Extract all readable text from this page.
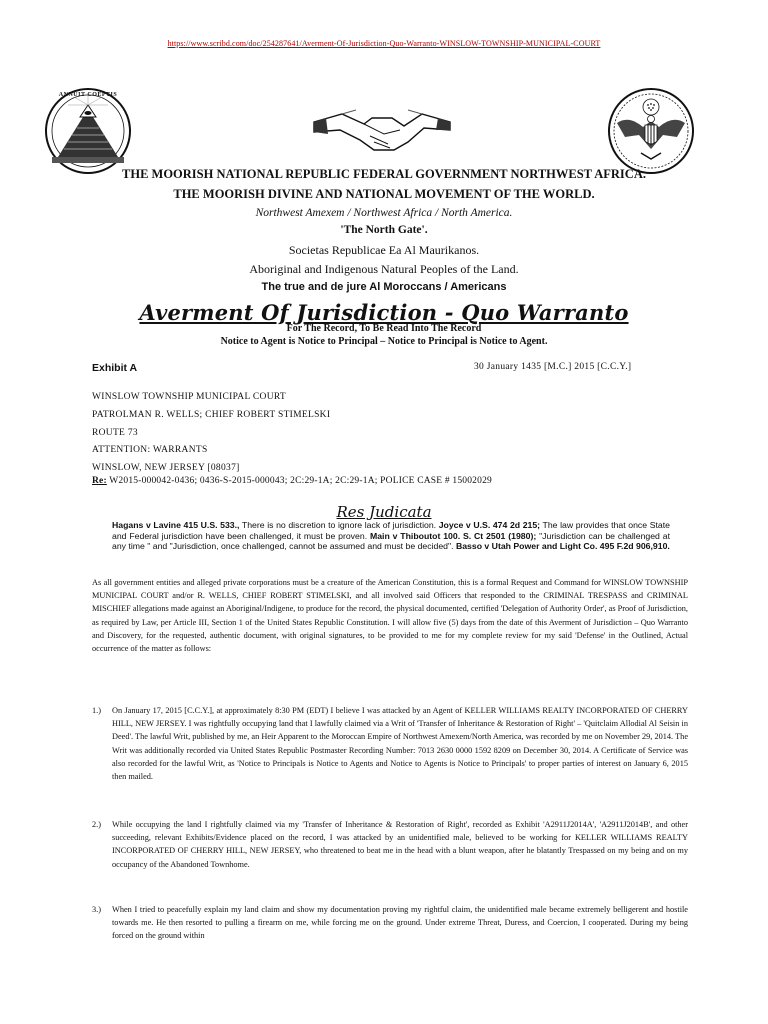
https://www.scribd.com/doc/254287641/Averment-Of-Jurisdiction-Quo-Warranto-WINSLOW-TOWNSHIP-MUNICIPAL-COURT
ANNUIT COEPTIS
THE MOORISH NATIONAL REPUBLIC FEDERAL GOVERNMENT NORTHWEST AFRICA.
THE MOORISH DIVINE AND NATIONAL MOVEMENT OF THE WORLD.
Northwest Amexem / Northwest Africa / North America.
'The North Gate'.
Societas Republicae Ea Al Maurikanos.
Aboriginal and Indigenous Natural Peoples of the Land.
The true and de jure Al Moroccans / Americans
Averment Of Jurisdiction - Quo Warranto
For The Record, To Be Read Into The Record
Notice to Agent is Notice to Principal – Notice to Principal is Notice to Agent.
Exhibit A	30 January 1435 [M.C.] 2015 [C.C.Y.]
WINSLOW TOWNSHIP MUNICIPAL COURT
PATROLMAN R. WELLS; CHIEF ROBERT STIMELSKI
ROUTE 73
ATTENTION: WARRANTS
WINSLOW, NEW JERSEY [08037]
Re: W2015-000042-0436; 0436-S-2015-000043; 2C:29-1A; 2C:29-1A; POLICE CASE # 15002029
Res Judicata
Hagans v Lavine 415 U.S. 533., There is no discretion to ignore lack of jurisdiction. Joyce v U.S. 474 2d 215; The law provides that once State and Federal jurisdiction have been challenged, it must be proven. Main v Thiboutot 100. S. Ct 2501 (1980); "Jurisdiction can be challenged at any time " and "Jurisdiction, once challenged, cannot be assumed and must be decided". Basso v Utah Power and Light Co. 495 F.2d 906,910.
As all government entities and alleged private corporations must be a creature of the American Constitution, this is a formal Request and Command for WINSLOW TOWNSHIP MUNICIPAL COURT and/or R. WELLS, CHIEF ROBERT STIMELSKI, and all involved said Officers that responded to the CRIMINAL TRESPASS and CRIMINAL MISCHIEF allegations made against an Aboriginal/Indigene, to produce for the record, the physical documented, certified 'Delegation of Authority Order', as Proof of Jurisdiction, as required by Law, per Article III, Section 1 of the United States Republic Constitution. I will allow five (5) days from the date of this Averment of Jurisdiction – Quo Warranto and Discovery, for the requested, authentic document, with original signatures, to be provided to me for my complete review for my said 'Defense' in the Outlined, Actual occurrence of the matter as follows:
1.) On January 17, 2015 [C.C.Y.], at approximately 8:30 PM (EDT) I believe I was attacked by an Agent of KELLER WILLIAMS REALTY INCORPORATED OF CHERRY HILL, NEW JERSEY. I was rightfully occupying land that I lawfully claimed via a Writ of 'Transfer of Inheritance & Restoration of Right' – 'Quitclaim Allodial Al Seisin in Deed'. The lawful Writ, published by me, an Heir Apparent to the Moroccan Empire of Northwest Amexem/North America, was recorded by me on November 29, 2014. The Writ was additionally recorded via United States Republic Postmaster Recording Number: 7013 2630 0000 1592 8209 on December 30, 2014. A Certificate of Service was also recorded for the lawful Writ, as 'Notice to Principals is Notice to Agents and Notice to Agents is Notice to Principals' to proper parties of interest on January 6, 2015 then mailed.
2.) While occupying the land I rightfully claimed via my 'Transfer of Inheritance & Restoration of Right', recorded as Exhibit 'A2911J2014A', 'A2911J2014B', and other succeeding, relevant Exhibits/Evidence placed on the record, I was attacked by an unidentified male, believed to be working for KELLER WILLIAMS REALTY INCORPORATED OF CHERRY HILL, NEW JERSEY, who threatened to beat me in the head with a blunt weapon, after he blatantly Trespassed on my being and on my occupancy of the Abandoned Townhome.
3.) When I tried to peacefully explain my land claim and show my documentation proving my rightful claim, the unidentified male became extremely belligerent and hostile towards me. He then resorted to pulling a firearm on me, while forcing me on the ground. Under extreme Threat, Duress, and Coercion, I cooperated. During my being forced on the ground within
